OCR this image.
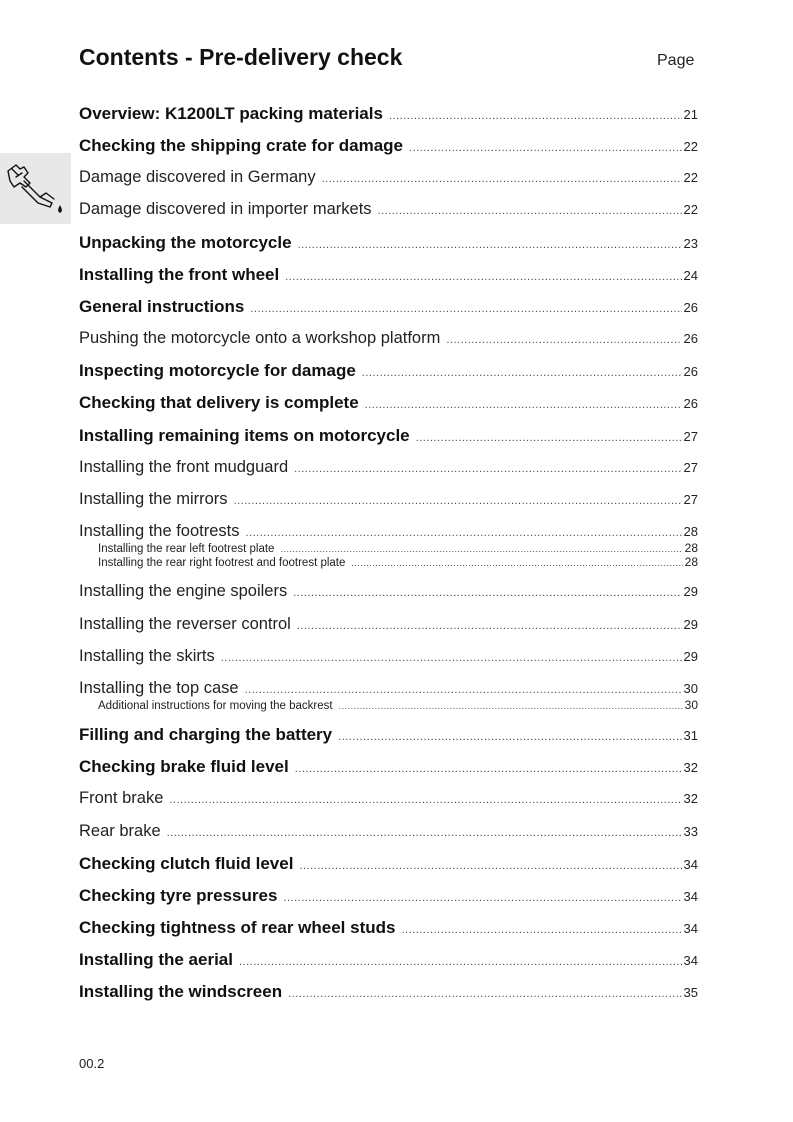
Contents - Pre-delivery check	Page
Overview: K1200LT packing materials .....	21
Checking the shipping crate for damage .....	22
Damage discovered in Germany .....	22
Damage discovered in importer markets .....	22
Unpacking the motorcycle .....	23
Installing the front wheel .....	24
General instructions .....	26
Pushing the motorcycle onto a workshop platform .....	26
Inspecting motorcycle for damage .....	26
Checking that delivery is complete .....	26
Installing remaining items on motorcycle .....	27
Installing the front mudguard .....	27
Installing the mirrors .....	27
Installing the footrests .....	28
Installing the rear left footrest plate .....	28
Installing the rear right footrest and footrest plate .....	28
Installing the engine spoilers .....	29
Installing the reverser control .....	29
Installing the skirts .....	29
Installing the top case .....	30
Additional instructions for moving the backrest .....	30
Filling and charging the battery .....	31
Checking brake fluid level .....	32
Front brake .....	32
Rear brake .....	33
Checking clutch fluid level .....	34
Checking tyre pressures .....	34
Checking tightness of rear wheel studs .....	34
Installing the aerial .....	34
Installing the windscreen .....	35
00.2
